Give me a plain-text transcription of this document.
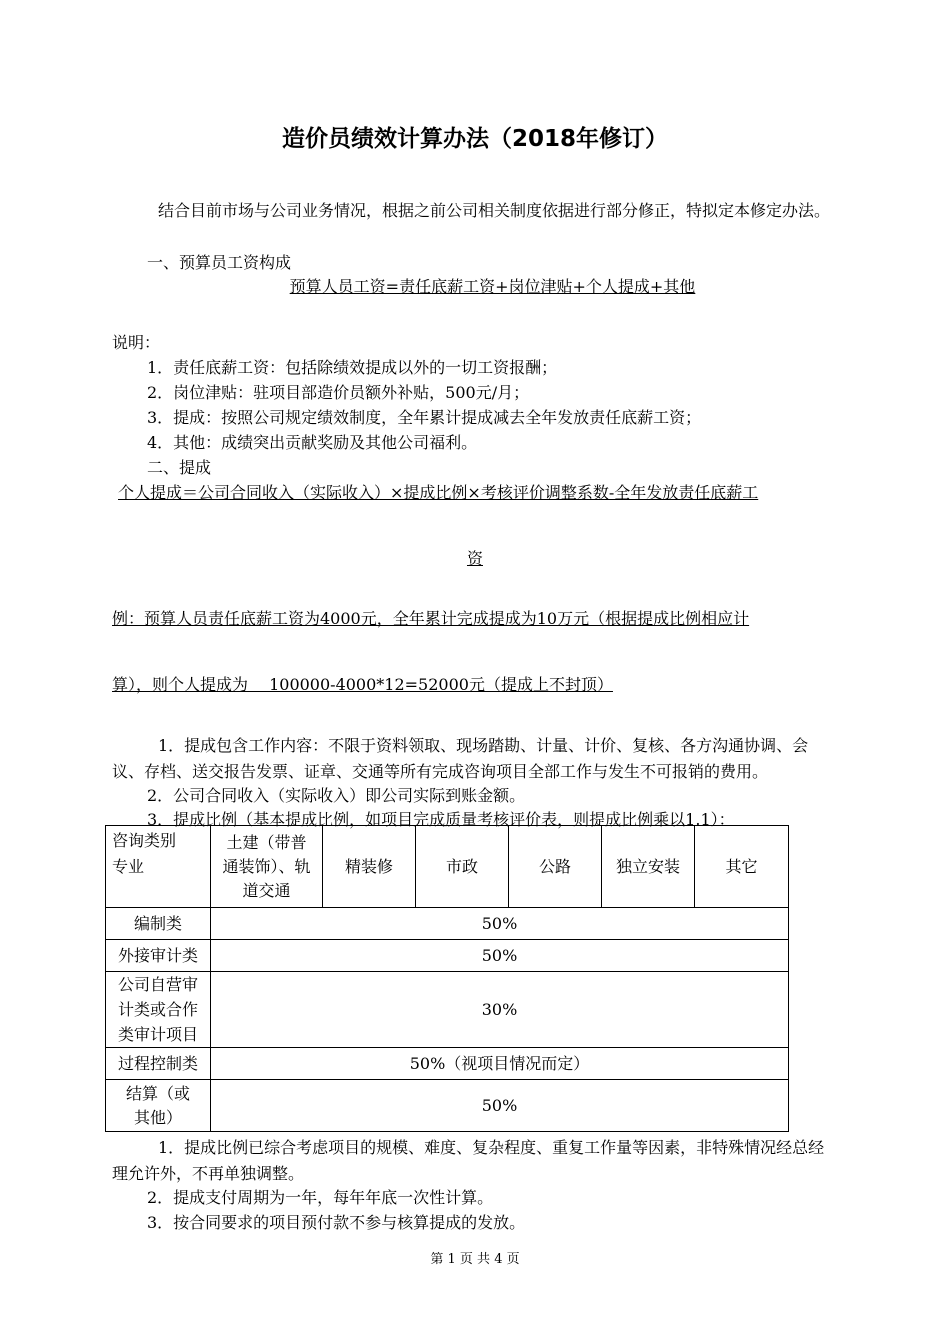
造价员绩效计算办法（2018年修订）
结合目前市场与公司业务情况，根据之前公司相关制度依据进行部分修正，特拟定本修定办法。
一、预算员工资构成
预算人员工资=责任底薪工资+岗位津贴+个人提成+其他
说明：
1．责任底薪工资：包括除绩效提成以外的一切工资报酬；
2．岗位津贴：驻项目部造价员额外补贴，500元/月；
3．提成：按照公司规定绩效制度，全年累计提成减去全年发放责任底薪工资；
4．其他：成绩突出贡献奖励及其他公司福利。
二、提成
个人提成＝公司合同收入（实际收入）×提成比例×考核评价调整系数-全年发放责任底薪工
资
例：预算人员责任底薪工资为4000元，全年累计完成提成为10万元（根据提成比例相应计
算），则个人提成为　 100000-4000*12=52000元（提成上不封顶）
1．提成包含工作内容：不限于资料领取、现场踏勘、计量、计价、复核、各方沟通协调、会议、存档、送交报告发票、证章、交通等所有完成咨询项目全部工作与发生不可报销的费用。
2．公司合同收入（实际收入）即公司实际到账金额。
3．提成比例（基本提成比例，如项目完成质量考核评价表，则提成比例乘以1.1）：
咨询类别
专业	土建（带普通装饰）、轨道交通	精装修	市政	公路	独立安装	其它
编制类	50%					
外接审计类	50%					
公司自营审计类或合作类审计项目	30%					
过程控制类	50%（视项目情况而定）					
结算（或其他）	50%					
1．提成比例已综合考虑项目的规模、难度、复杂程度、重复工作量等因素，非特殊情况经总经理允许外，不再单独调整。
2．提成支付周期为一年，每年年底一次性计算。
3．按合同要求的项目预付款不参与核算提成的发放。
第 1 页 共 4 页
